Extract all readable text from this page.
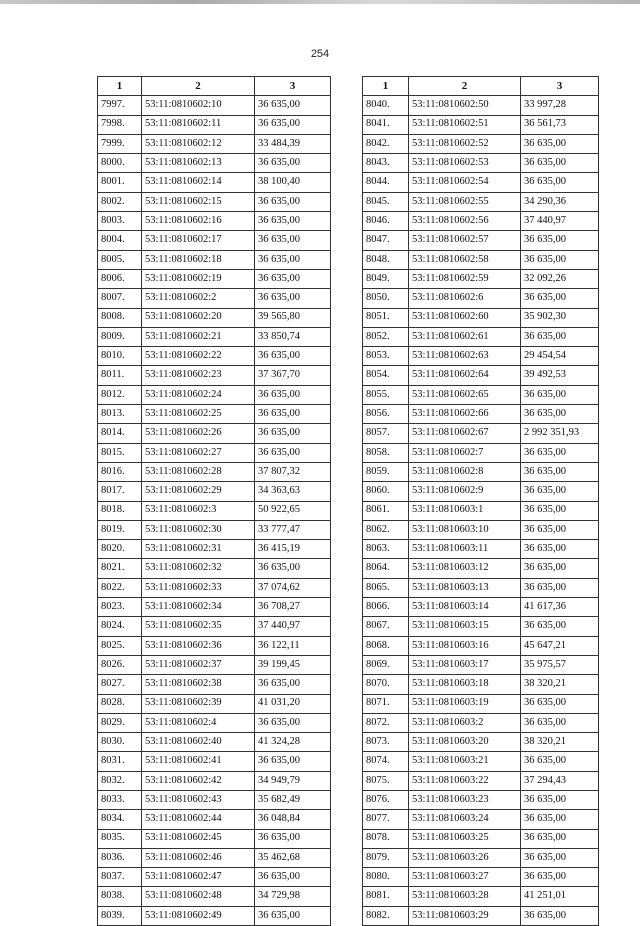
254
1	2	3
7997.	53:11:0810602:10	36 635,00
7998.	53:11:0810602:11	36 635,00
7999.	53:11:0810602:12	33 484,39
8000.	53:11:0810602:13	36 635,00
8001.	53:11:0810602:14	38 100,40
8002.	53:11:0810602:15	36 635,00
8003.	53:11:0810602:16	36 635,00
8004.	53:11:0810602:17	36 635,00
8005.	53:11:0810602:18	36 635,00
8006.	53:11:0810602:19	36 635,00
8007.	53:11:0810602:2	36 635,00
8008.	53:11:0810602:20	39 565,80
8009.	53:11:0810602:21	33 850,74
8010.	53:11:0810602:22	36 635,00
8011.	53:11:0810602:23	37 367,70
8012.	53:11:0810602:24	36 635,00
8013.	53:11:0810602:25	36 635,00
8014.	53:11:0810602:26	36 635,00
8015.	53:11:0810602:27	36 635,00
8016.	53:11:0810602:28	37 807,32
8017.	53:11:0810602:29	34 363,63
8018.	53:11:0810602:3	50 922,65
8019.	53:11:0810602:30	33 777,47
8020.	53:11:0810602:31	36 415,19
8021.	53:11:0810602:32	36 635,00
8022.	53:11:0810602:33	37 074,62
8023.	53:11:0810602:34	36 708,27
8024.	53:11:0810602:35	37 440,97
8025.	53:11:0810602:36	36 122,11
8026.	53:11:0810602:37	39 199,45
8027.	53:11:0810602:38	36 635,00
8028.	53:11:0810602:39	41 031,20
8029.	53:11:0810602:4	36 635,00
8030.	53:11:0810602:40	41 324,28
8031.	53:11:0810602:41	36 635,00
8032.	53:11:0810602:42	34 949,79
8033.	53:11:0810602:43	35 682,49
8034.	53:11:0810602:44	36 048,84
8035.	53:11:0810602:45	36 635,00
8036.	53:11:0810602:46	35 462,68
8037.	53:11:0810602:47	36 635,00
8038.	53:11:0810602:48	34 729,98
8039.	53:11:0810602:49	36 635,00
1	2	3
8040.	53:11:0810602:50	33 997,28
8041.	53:11:0810602:51	36 561,73
8042.	53:11:0810602:52	36 635,00
8043.	53:11:0810602:53	36 635,00
8044.	53:11:0810602:54	36 635,00
8045.	53:11:0810602:55	34 290,36
8046.	53:11:0810602:56	37 440,97
8047.	53:11:0810602:57	36 635,00
8048.	53:11:0810602:58	36 635,00
8049.	53:11:0810602:59	32 092,26
8050.	53:11:0810602:6	36 635,00
8051.	53:11:0810602:60	35 902,30
8052.	53:11:0810602:61	36 635,00
8053.	53:11:0810602:63	29 454,54
8054.	53:11:0810602:64	39 492,53
8055.	53:11:0810602:65	36 635,00
8056.	53:11:0810602:66	36 635,00
8057.	53:11:0810602:67	2 992 351,93
8058.	53:11:0810602:7	36 635,00
8059.	53:11:0810602:8	36 635,00
8060.	53:11:0810602:9	36 635,00
8061.	53:11:0810603:1	36 635,00
8062.	53:11:0810603:10	36 635,00
8063.	53:11:0810603:11	36 635,00
8064.	53:11:0810603:12	36 635,00
8065.	53:11:0810603:13	36 635,00
8066.	53:11:0810603:14	41 617,36
8067.	53:11:0810603:15	36 635,00
8068.	53:11:0810603:16	45 647,21
8069.	53:11:0810603:17	35 975,57
8070.	53:11:0810603:18	38 320,21
8071.	53:11:0810603:19	36 635,00
8072.	53:11:0810603:2	36 635,00
8073.	53:11:0810603:20	38 320,21
8074.	53:11:0810603:21	36 635,00
8075.	53:11:0810603:22	37 294,43
8076.	53:11:0810603:23	36 635,00
8077.	53:11:0810603:24	36 635,00
8078.	53:11:0810603:25	36 635,00
8079.	53:11:0810603:26	36 635,00
8080.	53:11:0810603:27	36 635,00
8081.	53:11:0810603:28	41 251,01
8082.	53:11:0810603:29	36 635,00
